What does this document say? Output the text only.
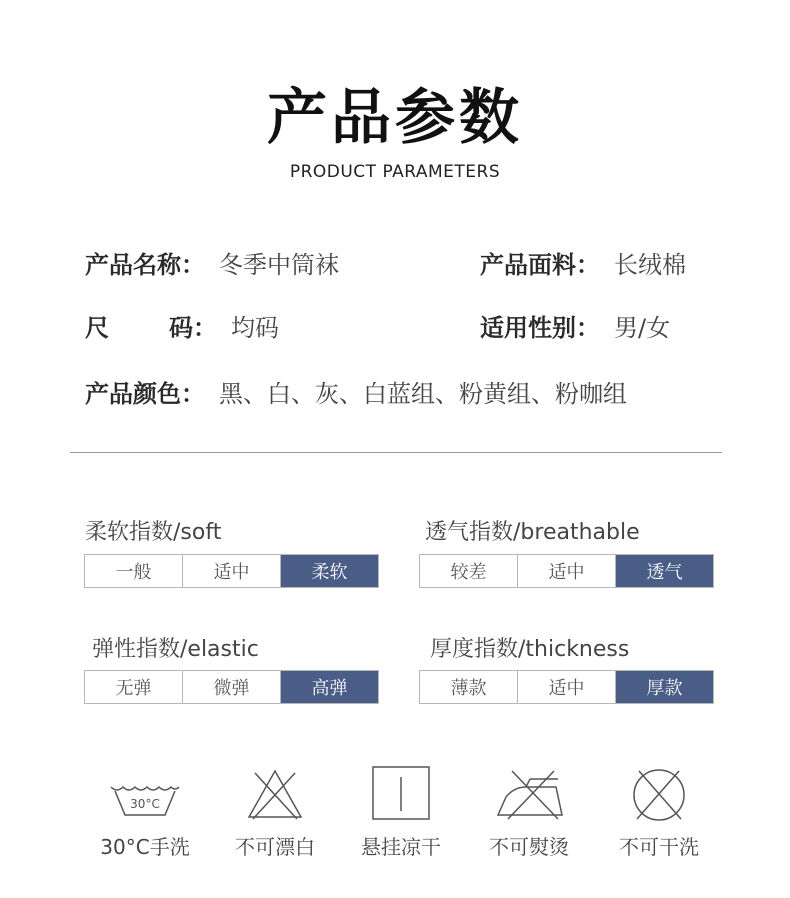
产品参数
PRODUCT PARAMETERS
产品名称： 冬季中筒袜	产品面料： 长绒棉
尺	码： 均码	适用性别： 男/女
产品颜色： 黑、白、灰、白蓝组、粉黄组、粉咖组
柔软指数/soft
一般	适中	柔软
透气指数/breathable
较差	适中	透气
弹性指数/elastic
无弹	微弹	高弹
厚度指数/thickness
薄款	适中	厚款
30°C
30°C手洗	不可漂白	悬挂凉干	不可熨烫	不可干洗
